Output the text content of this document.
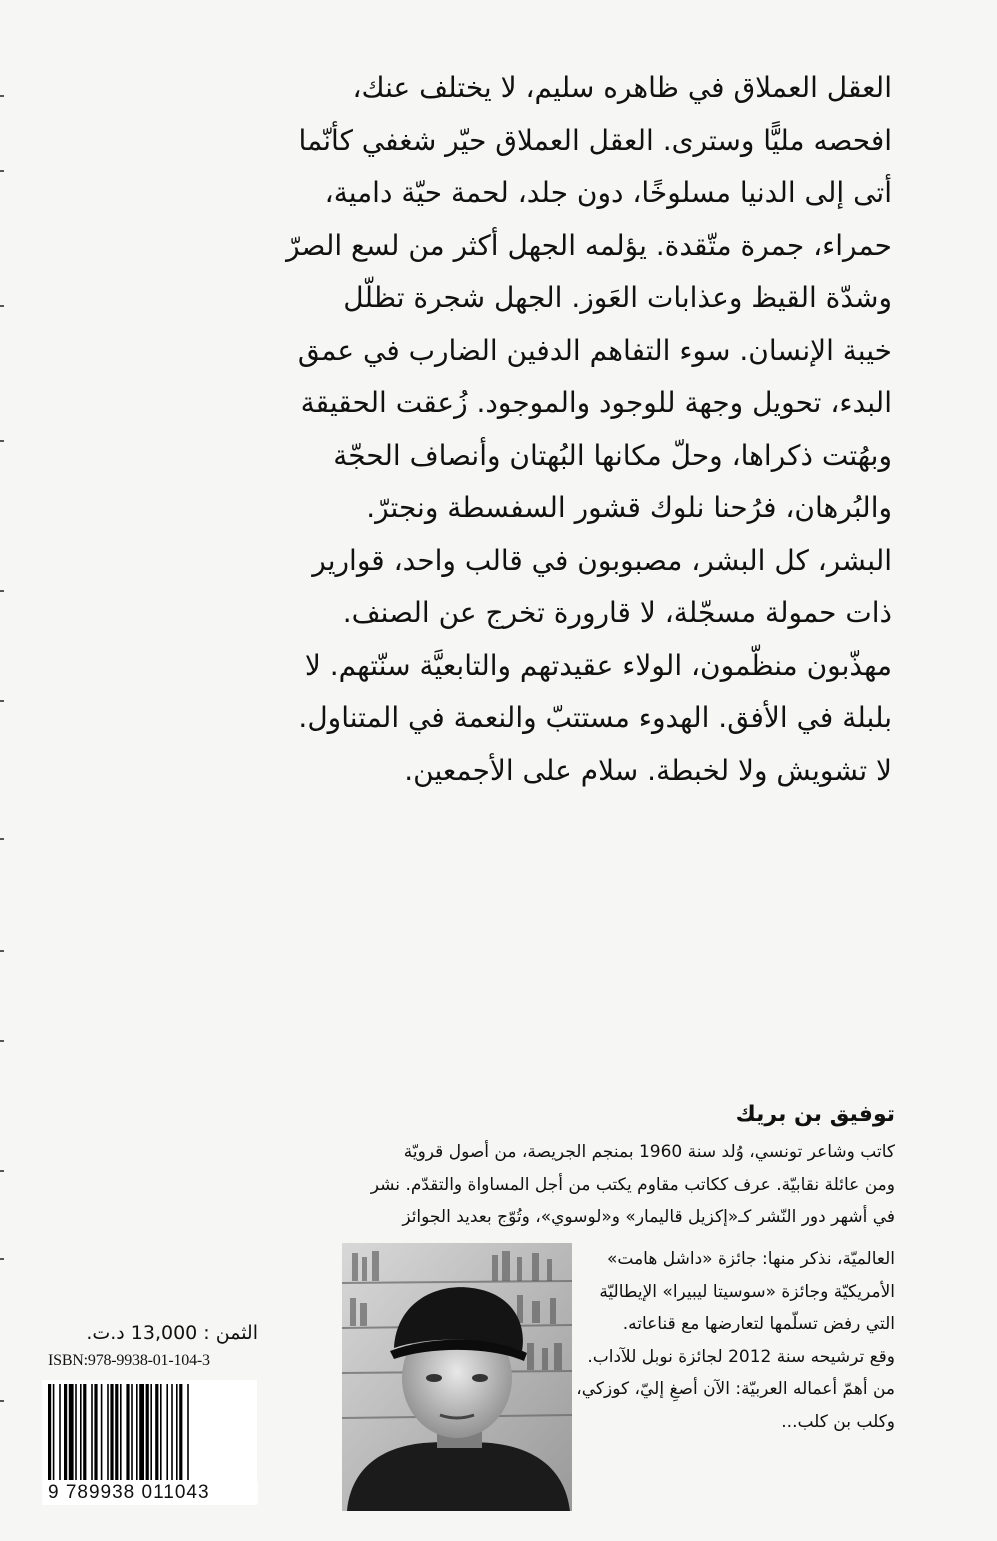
العقل العملاق في ظاهره سليم، لا يختلف عنك،
افحصه مليًّا وسترى. العقل العملاق حيّر شغفي كأنّما
أتى إلى الدنيا مسلوخًا، دون جلد، لحمة حيّة دامية،
حمراء، جمرة متّقدة. يؤلمه الجهل أكثر من لسع الصرّ
وشدّة القيظ وعذابات العَوز. الجهل شجرة تظلّل
خيبة الإنسان. سوء التفاهم الدفين الضارب في عمق
البدء، تحويل وجهة للوجود والموجود. زُعقت الحقيقة
وبهُتت ذكراها، وحلّ مكانها البُهتان وأنصاف الحجّة
والبُرهان، فرُحنا نلوك قشور السفسطة ونجترّ.
البشر، كل البشر، مصبوبون في قالب واحد، قوارير
ذات حمولة مسجّلة، لا قارورة تخرج عن الصنف.
مهذّبون منظّمون، الولاء عقيدتهم والتابعيَّة سنّتهم. لا
بلبلة في الأفق. الهدوء مستتبّ والنعمة في المتناول.
لا تشويش ولا لخبطة. سلام على الأجمعين.
توفيق بن بريك
كاتب وشاعر تونسي، وُلد سنة 1960 بمنجم الجريصة، من أصول قرويّة
ومن عائلة نقابيّة. عرف ككاتب مقاوم يكتب من أجل المساواة والتقدّم. نشر
في أشهر دور النّشر كـ«إكزيل قاليمار» و«لوسوي»، وتُوّج بعديد الجوائز
العالميّة، نذكر منها: جائزة «داشل هامت»
الأمريكيّة وجائزة «سوسيتا ليبيرا» الإيطاليّة
التي رفض تسلّمها لتعارضها مع قناعاته.
وقع ترشيحه سنة 2012 لجائزة نوبل للآداب.
من أهمّ أعماله العربيّة: الآن أصغِ إليّ، كوزكي،
وكلب بن كلب...
الثمن : 13,000 د.ت.
ISBN:978-9938-01-104-3
9 789938 011043
